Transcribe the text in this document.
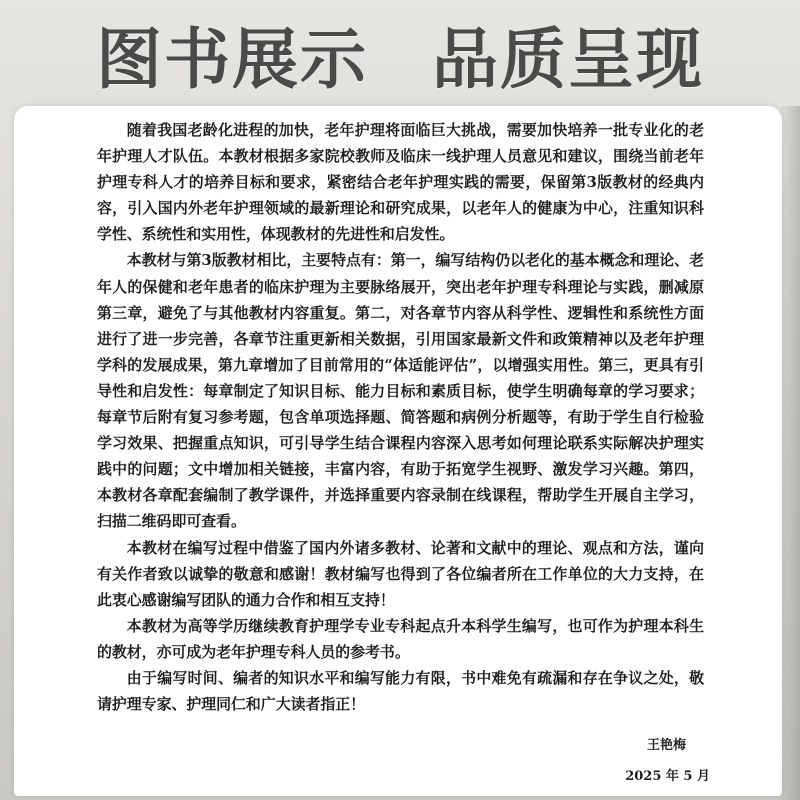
图书展示 品质呈现

随着我国老龄化进程的加快，老年护理将面临巨大挑战，需要加快培养一批专业化的老年护理人才队伍。本教材根据多家院校教师及临床一线护理人员意见和建议，围绕当前老年护理专科人才的培养目标和要求，紧密结合老年护理实践的需要，保留第3版教材的经典内容，引入国内外老年护理领域的最新理论和研究成果，以老年人的健康为中心，注重知识科学性、系统性和实用性，体现教材的先进性和启发性。

本教材与第3版教材相比，主要特点有：第一，编写结构仍以老化的基本概念和理论、老年人的保健和老年患者的临床护理为主要脉络展开，突出老年护理专科理论与实践，删减原第三章，避免了与其他教材内容重复。第二，对各章节内容从科学性、逻辑性和系统性方面进行了进一步完善，各章节注重更新相关数据，引用国家最新文件和政策精神以及老年护理学科的发展成果，第九章增加了目前常用的“体适能评估”，以增强实用性。第三，更具有引导性和启发性：每章制定了知识目标、能力目标和素质目标，使学生明确每章的学习要求；每章节后附有复习参考题，包含单项选择题、简答题和病例分析题等，有助于学生自行检验学习效果、把握重点知识，可引导学生结合课程内容深入思考如何理论联系实际解决护理实践中的问题；文中增加相关链接，丰富内容，有助于拓宽学生视野、激发学习兴趣。第四，本教材各章配套编制了教学课件，并选择重要内容录制在线课程，帮助学生开展自主学习，扫描二维码即可查看。

本教材在编写过程中借鉴了国内外诸多教材、论著和文献中的理论、观点和方法，谨向有关作者致以诚挚的敬意和感谢！教材编写也得到了各位编者所在工作单位的大力支持，在此衷心感谢编写团队的通力合作和相互支持！

本教材为高等学历继续教育护理学专业专科起点升本科学生编写，也可作为护理本科生的教材，亦可成为老年护理专科人员的参考书。

由于编写时间、编者的知识水平和编写能力有限，书中难免有疏漏和存在争议之处，敬请护理专家、护理同仁和广大读者指正！

王艳梅
2025 年 5 月
